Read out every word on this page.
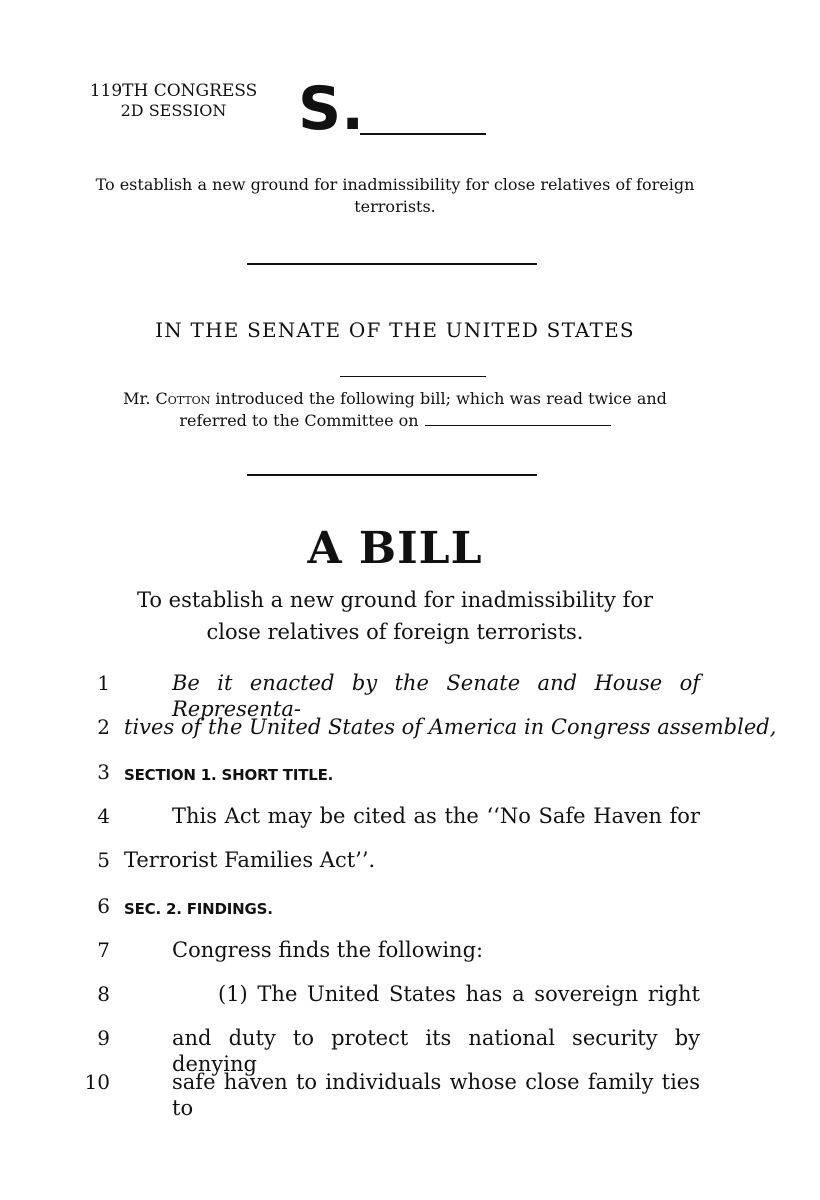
119TH CONGRESS
2D SESSION	S.
To establish a new ground for inadmissibility for close relatives of foreign terrorists.
IN THE SENATE OF THE UNITED STATES
Mr. Cotton introduced the following bill; which was read twice and referred to the Committee on
A BILL
To establish a new ground for inadmissibility for close relatives of foreign terrorists.
1
2
3
4
5
6
7
8
9
10
Be it enacted by the Senate and House of Representa-
tives of the United States of America in Congress assembled,
SECTION 1. SHORT TITLE.
This Act may be cited as the ‘‘No Safe Haven for
Terrorist Families Act’’.
SEC. 2. FINDINGS.
Congress finds the following:
(1) The United States has a sovereign right
and duty to protect its national security by denying
safe haven to individuals whose close family ties to
